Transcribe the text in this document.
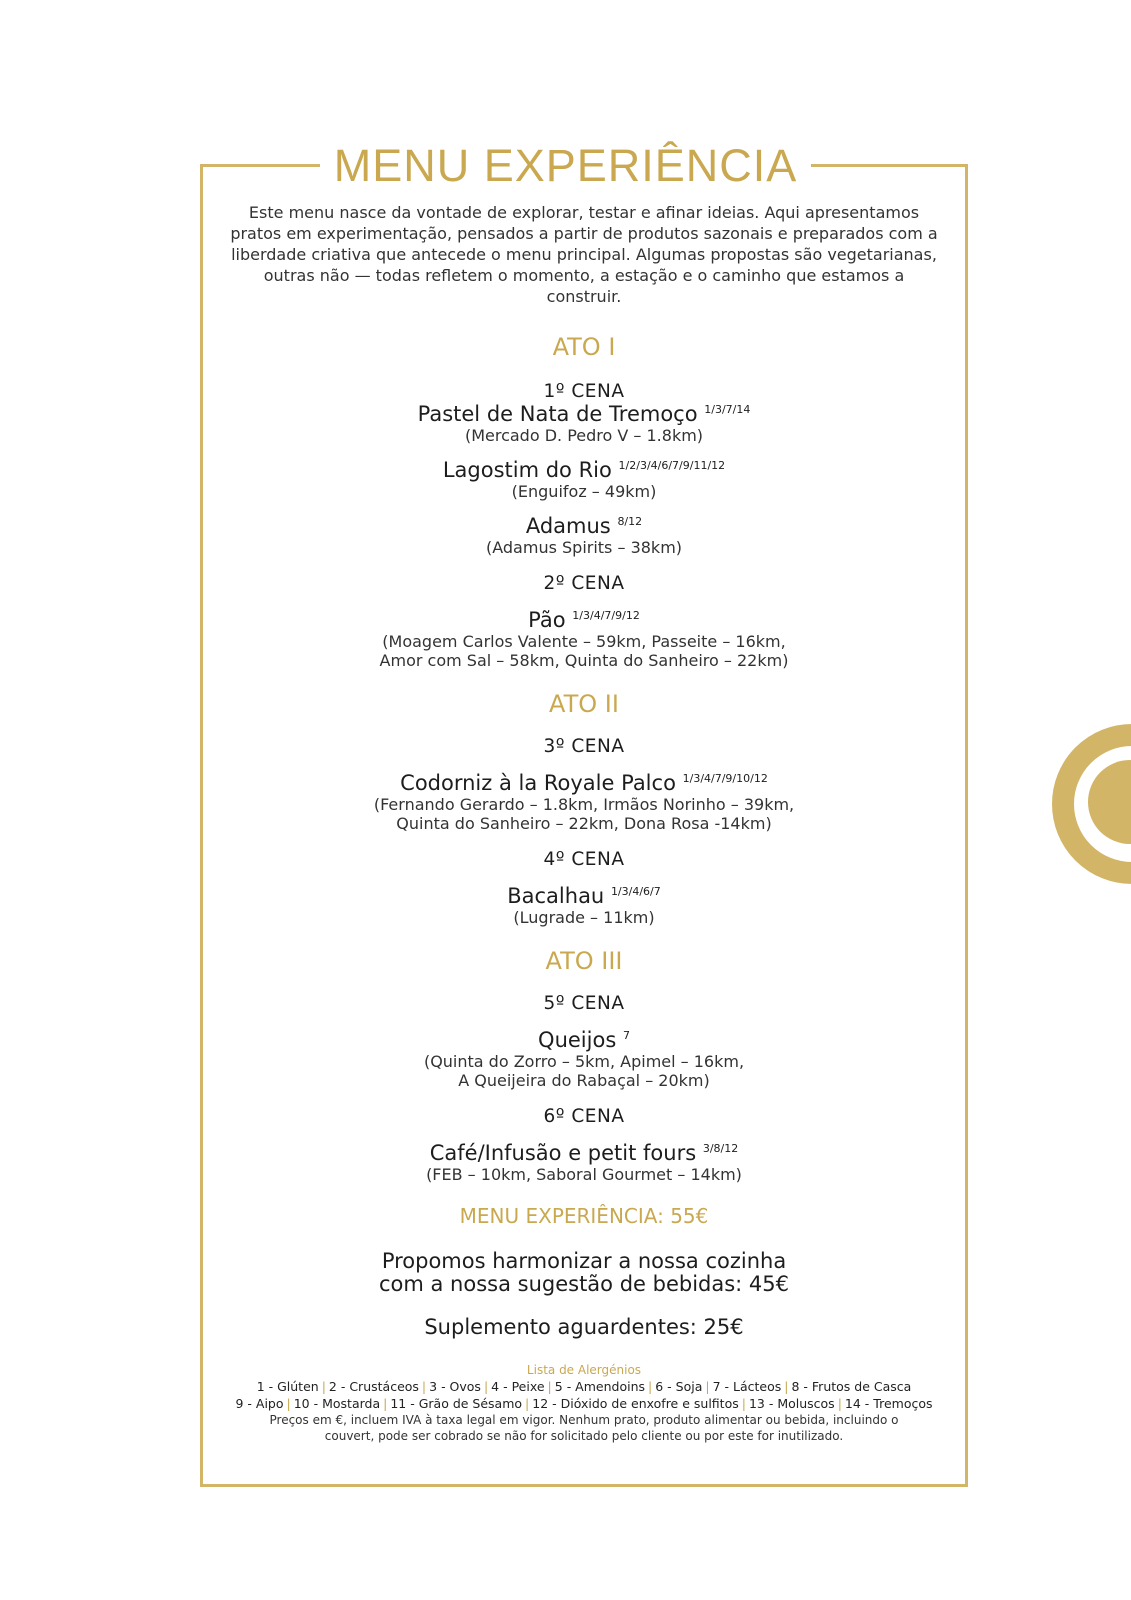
MENU EXPERIÊNCIA
Este menu nasce da vontade de explorar, testar e afinar ideias. Aqui apresentamos pratos em experimentação, pensados a partir de produtos sazonais e preparados com a liberdade criativa que antecede o menu principal. Algumas propostas são vegetarianas, outras não — todas refletem o momento, a estação e o caminho que estamos a construir.
ATO I
1º CENA
Pastel de Nata de Tremoço $^{1/3/7/14}$
(Mercado D. Pedro V – 1.8km)
Lagostim do Rio $^{1/2/3/4/6/7/9/11/12}$
(Enguifoz – 49km)
Adamus $^{8/12}$
(Adamus Spirits – 38km)
2º CENA
Pão $^{1/3/4/7/9/12}$
(Moagem Carlos Valente – 59km, Passeite – 16km,
Amor com Sal – 58km, Quinta do Sanheiro – 22km)
ATO II
3º CENA
Codorniz à la Royale Palco $^{1/3/4/7/9/10/12}$
(Fernando Gerardo – 1.8km, Irmãos Norinho – 39km,
Quinta do Sanheiro – 22km, Dona Rosa -14km)
4º CENA
Bacalhau $^{1/3/4/6/7}$
(Lugrade – 11km)
ATO III
5º CENA
Queijos $^7$
(Quinta do Zorro – 5km, Apimel – 16km,
A Queijeira do Rabaçal – 20km)
6º CENA
Café/Infusão e petit fours $^{3/8/12}$
(FEB – 10km, Saboral Gourmet – 14km)
MENU EXPERIÊNCIA: 55€
Propomos harmonizar a nossa cozinha
com a nossa sugestão de bebidas: 45€
Suplemento aguardentes: 25€
Lista de Alergénios
1 - Glúten | 2 - Crustáceos | 3 - Ovos | 4 - Peixe | 5 - Amendoins | 6 - Soja | 7 - Lácteos | 8 - Frutos de Casca
9 - Aipo | 10 - Mostarda | 11 - Grão de Sésamo | 12 - Dióxido de enxofre e sulfitos | 13 - Moluscos | 14 - Tremoços
Preços em €, incluem IVA à taxa legal em vigor. Nenhum prato, produto alimentar ou bebida, incluindo o
couvert, pode ser cobrado se não for solicitado pelo cliente ou por este for inutilizado.
